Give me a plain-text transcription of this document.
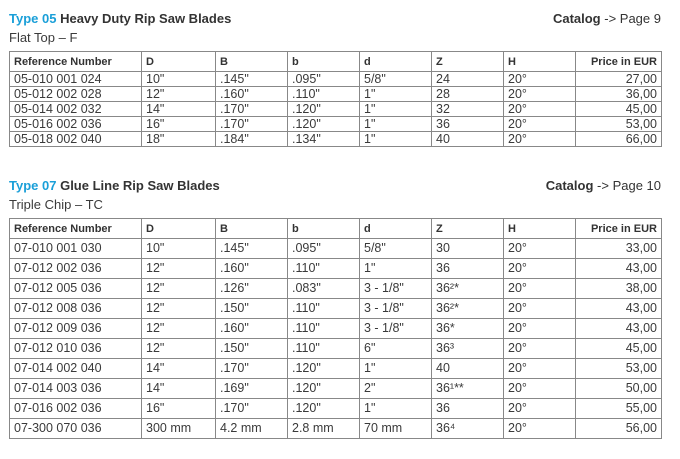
Type 05 Heavy Duty Rip Saw Blades	Catalog -> Page 9
Flat Top – F
Reference Number	D	B	b	d	Z	H	Price in EUR
05-010 001 024	10"	.145"	.095"	5/8"	24	20°	27,00
05-012 002 028	12"	.160"	.110"	1"	28	20°	36,00
05-014 002 032	14"	.170"	.120"	1"	32	20°	45,00
05-016 002 036	16"	.170"	.120"	1"	36	20°	53,00
05-018 002 040	18"	.184"	.134"	1"	40	20°	66,00
Type 07 Glue Line Rip Saw Blades	Catalog -> Page 10
Triple Chip – TC
Reference Number	D	B	b	d	Z	H	Price in EUR
07-010 001 030	10"	.145"	.095"	5/8"	30	20°	33,00
07-012 002 036	12"	.160"	.110"	1"	36	20°	43,00
07-012 005 036	12"	.126"	.083"	3 - 1/8"	36²*	20°	38,00
07-012 008 036	12"	.150"	.110"	3 - 1/8"	36²*	20°	43,00
07-012 009 036	12"	.160"	.110"	3 - 1/8"	36*	20°	43,00
07-012 010 036	12"	.150"	.110"	6"	36³	20°	45,00
07-014 002 040	14"	.170"	.120"	1"	40	20°	53,00
07-014 003 036	14"	.169"	.120"	2"	36¹**	20°	50,00
07-016 002 036	16"	.170"	.120"	1"	36	20°	55,00
07-300 070 036	300 mm	4.2 mm	2.8 mm	70 mm	36⁴	20°	56,00
